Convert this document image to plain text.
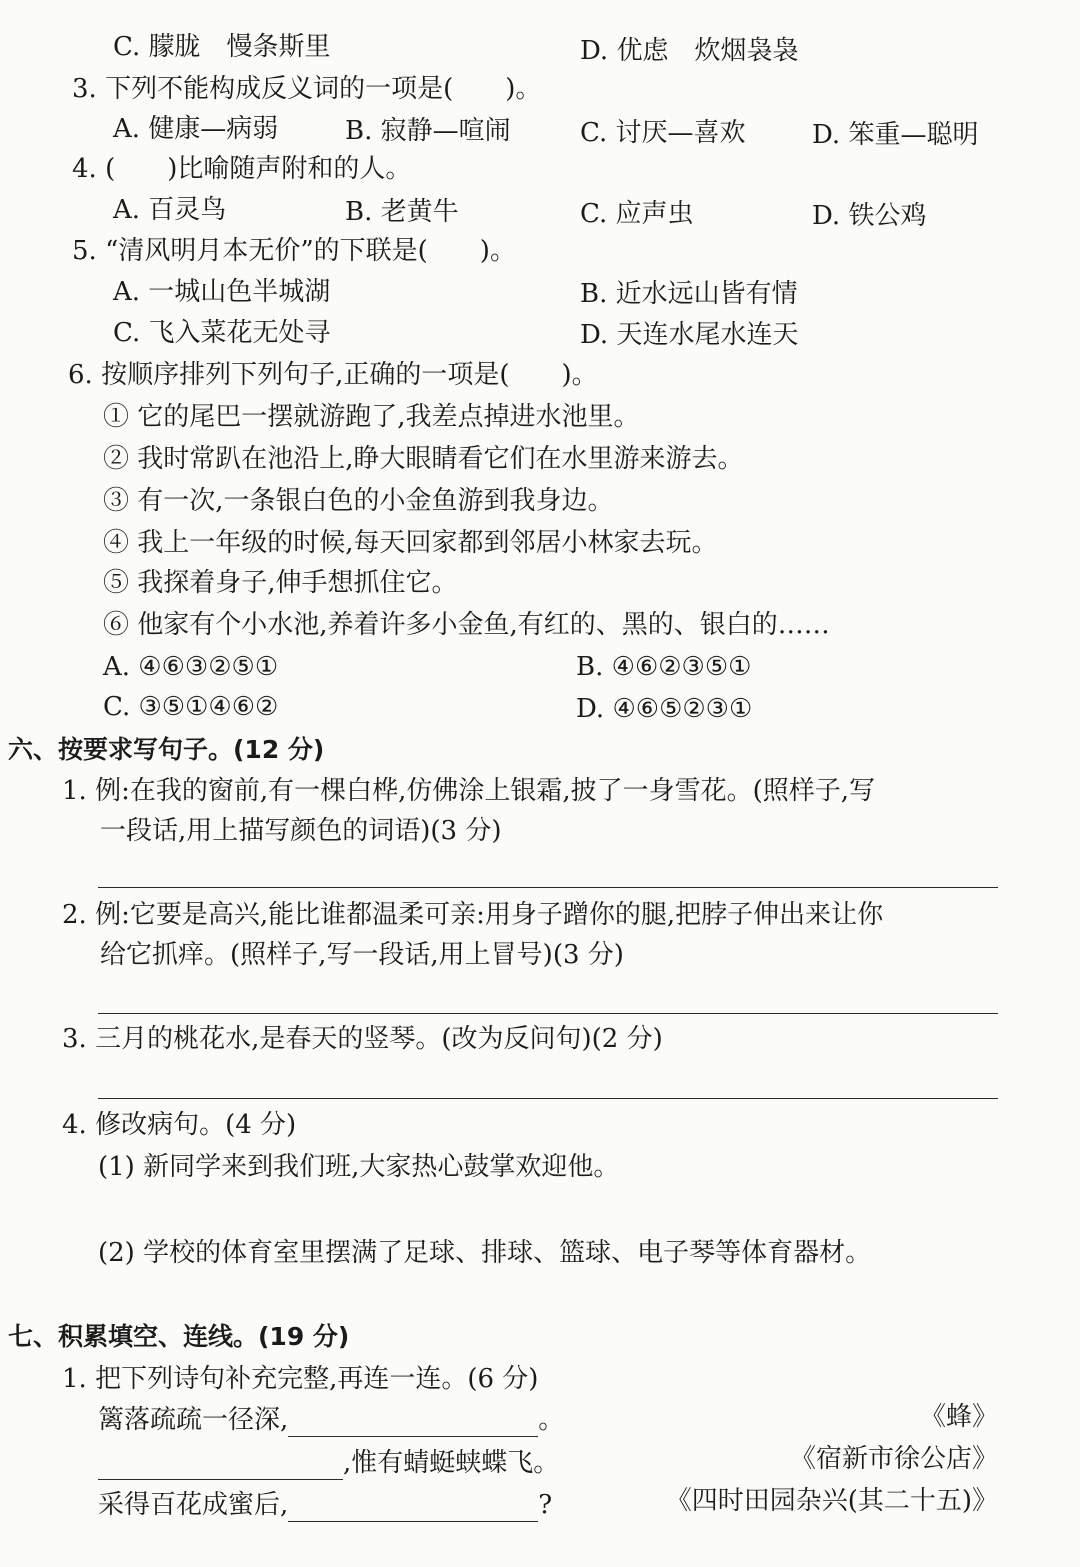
C. 朦胧　慢条斯里	D. 优虑　炊烟袅袅
3. 下列不能构成反义词的一项是(　　)。
A. 健康—病弱	B. 寂静—喧闹	C. 讨厌—喜欢	D. 笨重—聪明
4. (　　)比喻随声附和的人。
A. 百灵鸟	B. 老黄牛	C. 应声虫	D. 铁公鸡
5. “清风明月本无价”的下联是(　　)。
A. 一城山色半城湖	B. 近水远山皆有情
C. 飞入菜花无处寻	D. 天连水尾水连天
6. 按顺序排列下列句子,正确的一项是(　　)。
① 它的尾巴一摆就游跑了,我差点掉进水池里。
② 我时常趴在池沿上,睁大眼睛看它们在水里游来游去。
③ 有一次,一条银白色的小金鱼游到我身边。
④ 我上一年级的时候,每天回家都到邻居小林家去玩。
⑤ 我探着身子,伸手想抓住它。
⑥ 他家有个小水池,养着许多小金鱼,有红的、黑的、银白的……
A. ④⑥③②⑤①	B. ④⑥②③⑤①
C. ③⑤①④⑥②	D. ④⑥⑤②③①
六、按要求写句子。(12 分)
1. 例:在我的窗前,有一棵白桦,仿佛涂上银霜,披了一身雪花。(照样子,写
一段话,用上描写颜色的词语)(3 分)
2. 例:它要是高兴,能比谁都温柔可亲:用身子蹭你的腿,把脖子伸出来让你
给它抓痒。(照样子,写一段话,用上冒号)(3 分)
3. 三月的桃花水,是春天的竖琴。(改为反问句)(2 分)
4. 修改病句。(4 分)
(1) 新同学来到我们班,大家热心鼓掌欢迎他。
(2) 学校的体育室里摆满了足球、排球、篮球、电子琴等体育器材。
七、积累填空、连线。(19 分)
1. 把下列诗句补充完整,再连一连。(6 分)
篱落疏疏一径深,	。
,惟有蜻蜓蛱蝶飞。
采得百花成蜜后,	?
《蜂》
《宿新市徐公店》
《四时田园杂兴(其二十五)》
